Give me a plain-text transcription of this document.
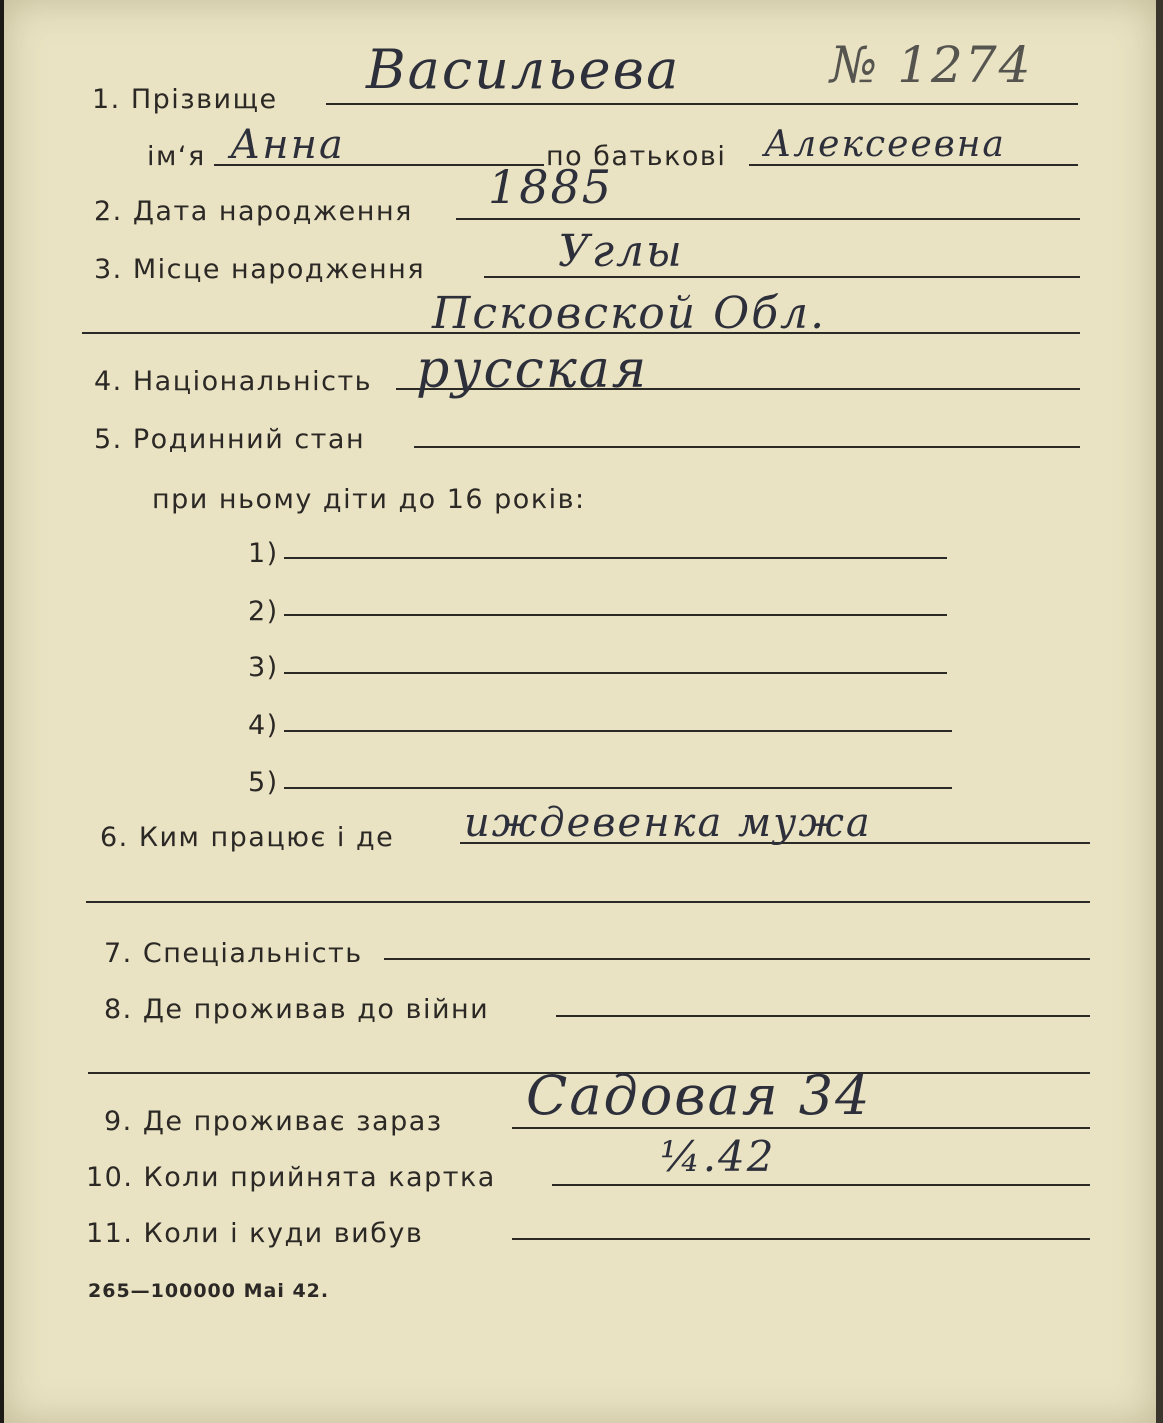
1. Прізвище Васильева	№ 1274
ім‘я Анна	по батькові Алексеевна
2. Дата народження 1885
3. Місце народження	Углы
Псковской Обл.
4. Національність русская
5. Родинний стан
при ньому діти до 16 років:
1)
2)
3)
4)
5)
6. Ким працює і де иждевенка мужа
7. Спеціальність
8. Де проживав до війни
9. Де проживає зараз Садовая 34
10. Коли прийнята картка	¼.42
11. Коли і куди вибув
265—100000 Mai 42.
